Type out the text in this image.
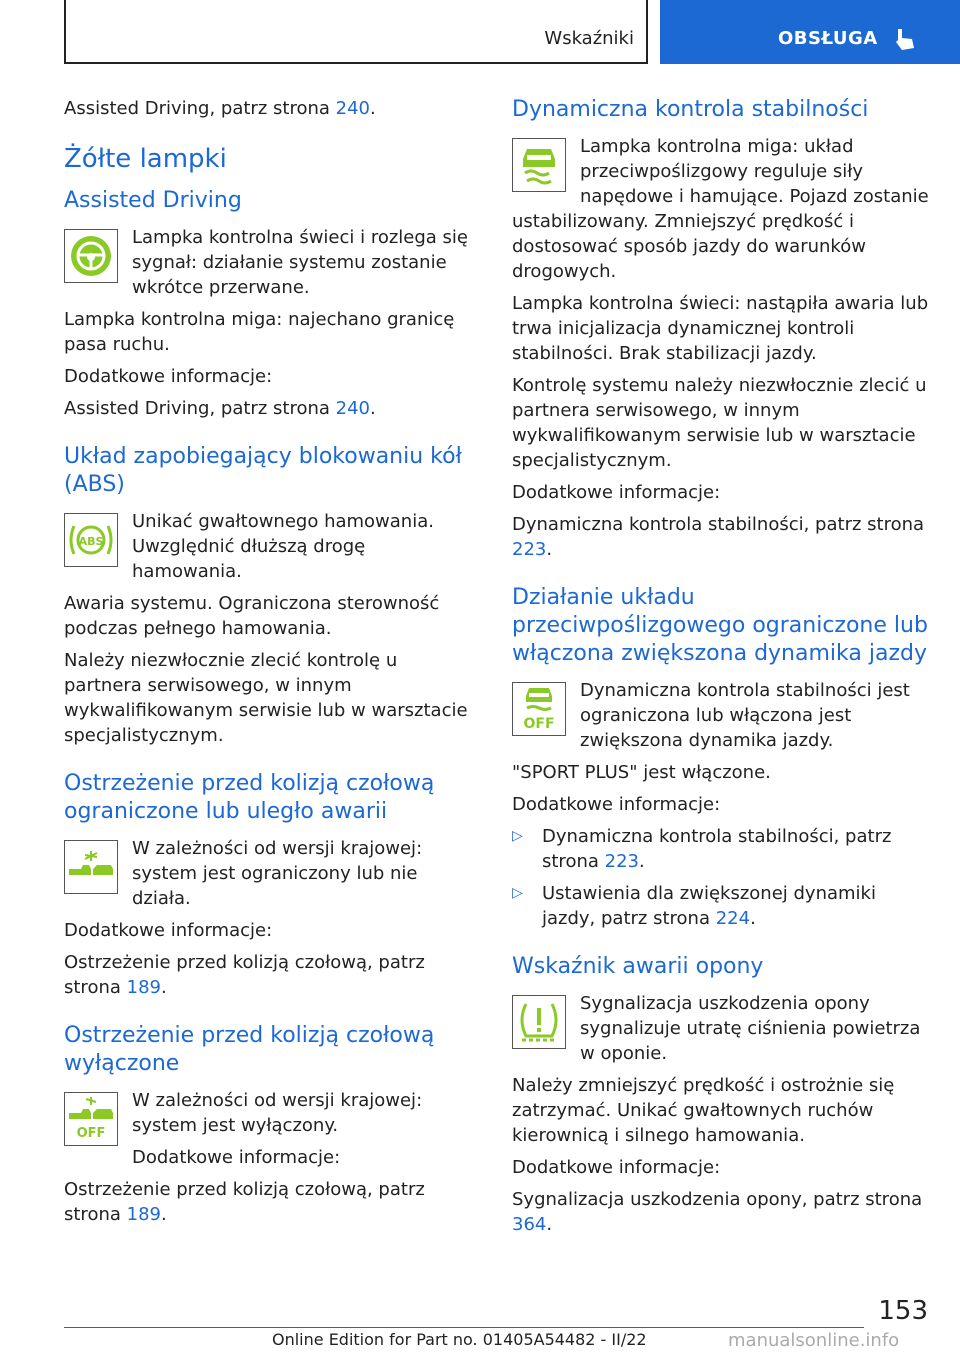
Wskaźniki	OBSŁUGA

Assisted Driving, patrz strona 240.

Żółte lampki
Assisted Driving

Lampka kontrolna świeci i rozlega się sygnał: działanie systemu zostanie wkrótce przerwane.

Lampka kontrolna miga: najechano granicę pasa ruchu.

Dodatkowe informacje:

Assisted Driving, patrz strona 240.

Układ zapobiegający blokowaniu kół (ABS)
ABS

Unikać gwałtownego hamowania. Uwzględnić dłuższą drogę hamowania.

Awaria systemu. Ograniczona sterowność podczas pełnego hamowania.

Należy niezwłocznie zlecić kontrolę u partnera serwisowego, w innym wykwalifikowanym serwisie lub w warsztacie specjalistycznym.

Ostrzeżenie przed kolizją czołową ograniczone lub uległo awarii

W zależności od wersji krajowej: system jest ograniczony lub nie działa.

Dodatkowe informacje:

Ostrzeżenie przed kolizją czołową, patrz strona 189.

Ostrzeżenie przed kolizją czołową wyłączone
OFF

W zależności od wersji krajowej: system jest wyłączony.

Dodatkowe informacje:

Ostrzeżenie przed kolizją czołową, patrz strona 189.

Dynamiczna kontrola stabilności

Lampka kontrolna miga: układ przeciwpoślizgowy reguluje siły napędowe i hamujące. Pojazd zostanie ustabilizowany. Zmniejszyć prędkość i dostosować sposób jazdy do warunków drogowych.

Lampka kontrolna świeci: nastąpiła awaria lub trwa inicjalizacja dynamicznej kontroli stabilności. Brak stabilizacji jazdy.

Kontrolę systemu należy niezwłocznie zlecić u partnera serwisowego, w innym wykwalifikowanym serwisie lub w warsztacie specjalistycznym.

Dodatkowe informacje:

Dynamiczna kontrola stabilności, patrz strona 223.

Działanie układu przeciwpoślizgowego ograniczone lub włączona zwiększona dynamika jazdy
OFF

Dynamiczna kontrola stabilności jest ograniczona lub włączona jest zwiększona dynamika jazdy.

"SPORT PLUS" jest włączone.

Dodatkowe informacje:

▷ Dynamiczna kontrola stabilności, patrz strona 223.

▷ Ustawienia dla zwiększonej dynamiki jazdy, patrz strona 224.

Wskaźnik awarii opony

Sygnalizacja uszkodzenia opony sygnalizuje utratę ciśnienia powietrza w oponie.

Należy zmniejszyć prędkość i ostrożnie się zatrzymać. Unikać gwałtownych ruchów kierownicą i silnego hamowania.

Dodatkowe informacje:

Sygnalizacja uszkodzenia opony, patrz strona 364.

153
Online Edition for Part no. 01405A54482 - II/22	manualsonline.info
